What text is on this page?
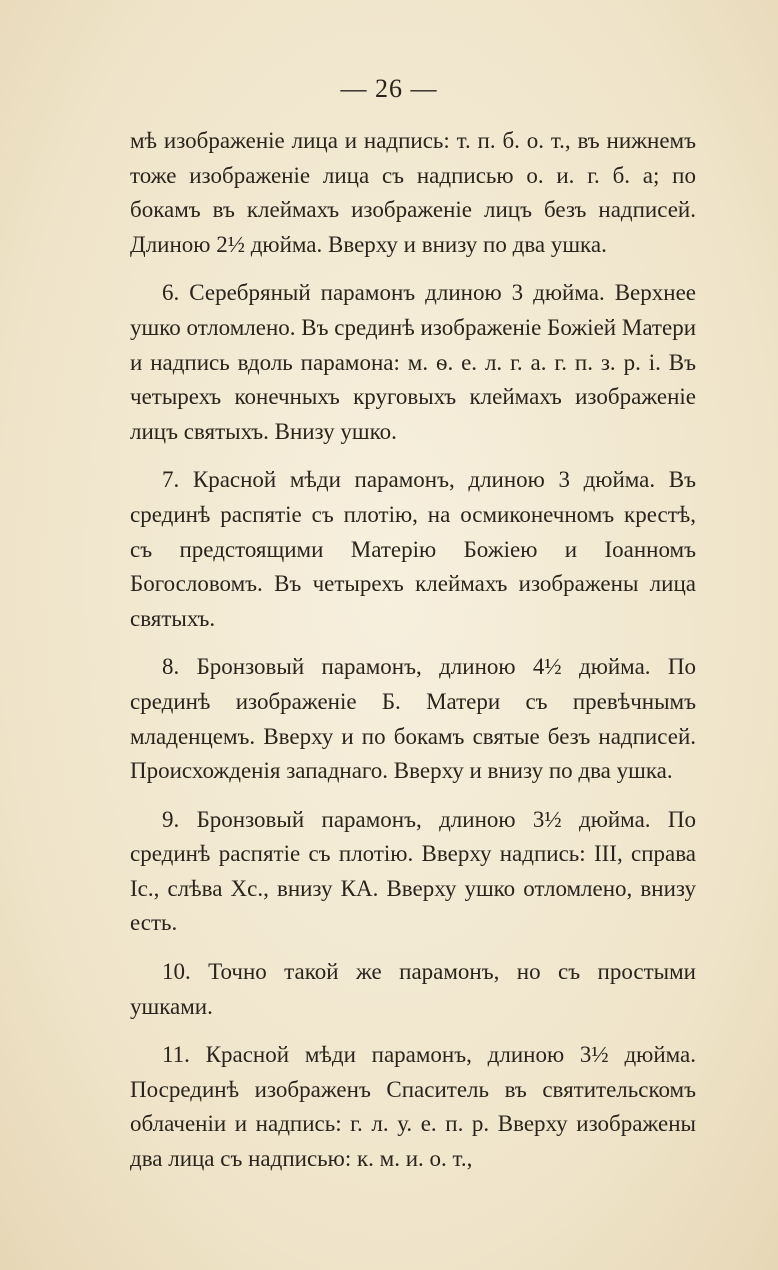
— 26 —

мѣ изображеніе лица и надпись: т. п. б. о. т., въ нижнемъ тоже изображеніе лица съ надписью о. и. г. б. а; по бокамъ въ клеймахъ изображеніе лицъ безъ надписей. Длиною 2½ дюйма. Вверху и внизу по два ушка.

6. Серебряный парамонъ длиною 3 дюйма. Верхнее ушко отломлено. Въ срединѣ изображеніе Божіей Матери и надпись вдоль парамона: м. ѳ. е. л. г. а. г. п. з. р. і. Въ четырехъ конечныхъ круговыхъ клеймахъ изображеніе лицъ святыхъ. Внизу ушко.

7. Красной мѣди парамонъ, длиною 3 дюйма. Въ срединѣ распятіе съ плотію, на осмиконечномъ крестѣ, съ предстоящими Матерію Божіею и Іоанномъ Богословомъ. Въ четырехъ клеймахъ изображены лица святыхъ.

8. Бронзовый парамонъ, длиною 4½ дюйма. По срединѣ изображеніе Б. Матери съ превѣчнымъ младенцемъ. Вверху и по бокамъ святые безъ надписей. Происхожденія западнаго. Вверху и внизу по два ушка.

9. Бронзовый парамонъ, длиною 3½ дюйма. По срединѣ распятіе съ плотію. Вверху надпись: ІІІ, справа Іс., слѣва Хс., внизу КА. Вверху ушко отломлено, внизу есть.

10. Точно такой же парамонъ, но съ простыми ушками.

11. Красной мѣди парамонъ, длиною 3½ дюйма. Посрединѣ изображенъ Спаситель въ святительскомъ облаченіи и надпись: г. л. у. е. п. р. Вверху изображены два лица съ надписью: к. м. и. о. т.,
